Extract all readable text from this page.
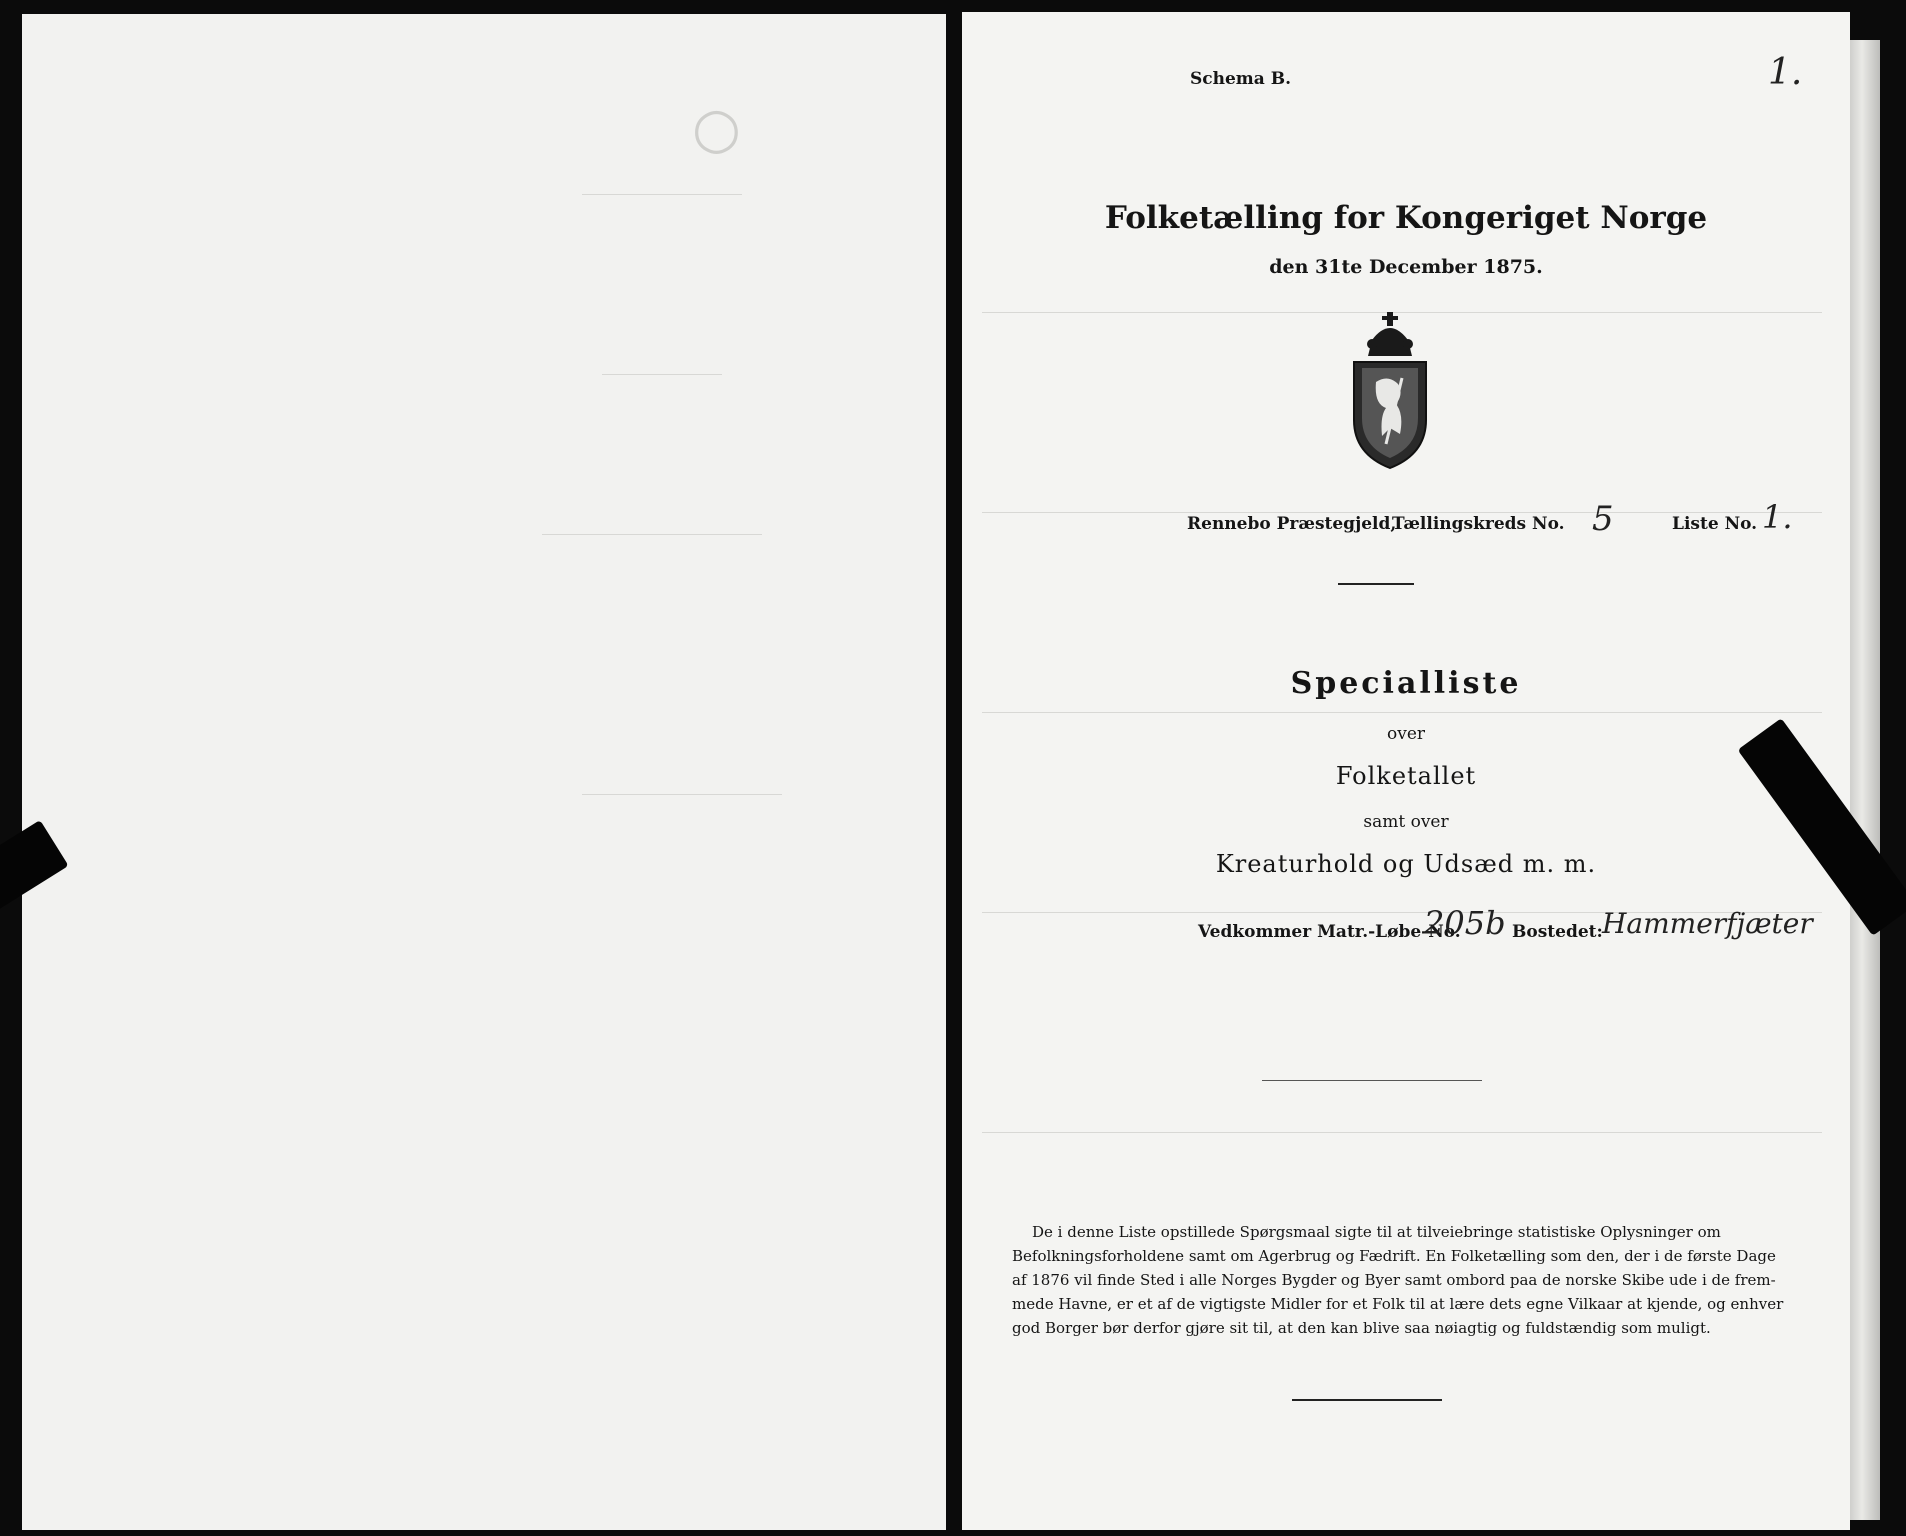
○
Schema B.	1.
Folketælling for Kongeriget Norge
den 31te December 1875.
Rennebo Præstegjeld,
Tællingskreds No. 5	Liste No. 1.
Specialliste
over
Folketallet
samt over
Kreaturhold og Udsæd m. m.
Vedkommer Matr.-Løbe-No.
205b Bostedet: Hammerfjæter
De i denne Liste opstillede Spørgsmaal sigte til at tilveiebringe statistiske Oplysninger om
Befolkningsforholdene samt om Agerbrug og Fædrift. En Folketælling som den, der i de første Dage
af 1876 vil finde Sted i alle Norges Bygder og Byer samt ombord paa de norske Skibe ude i de frem-
mede Havne, er et af de vigtigste Midler for et Folk til at lære dets egne Vilkaar at kjende, og enhver
god Borger bør derfor gjøre sit til, at den kan blive saa nøiagtig og fuldstændig som muligt.
